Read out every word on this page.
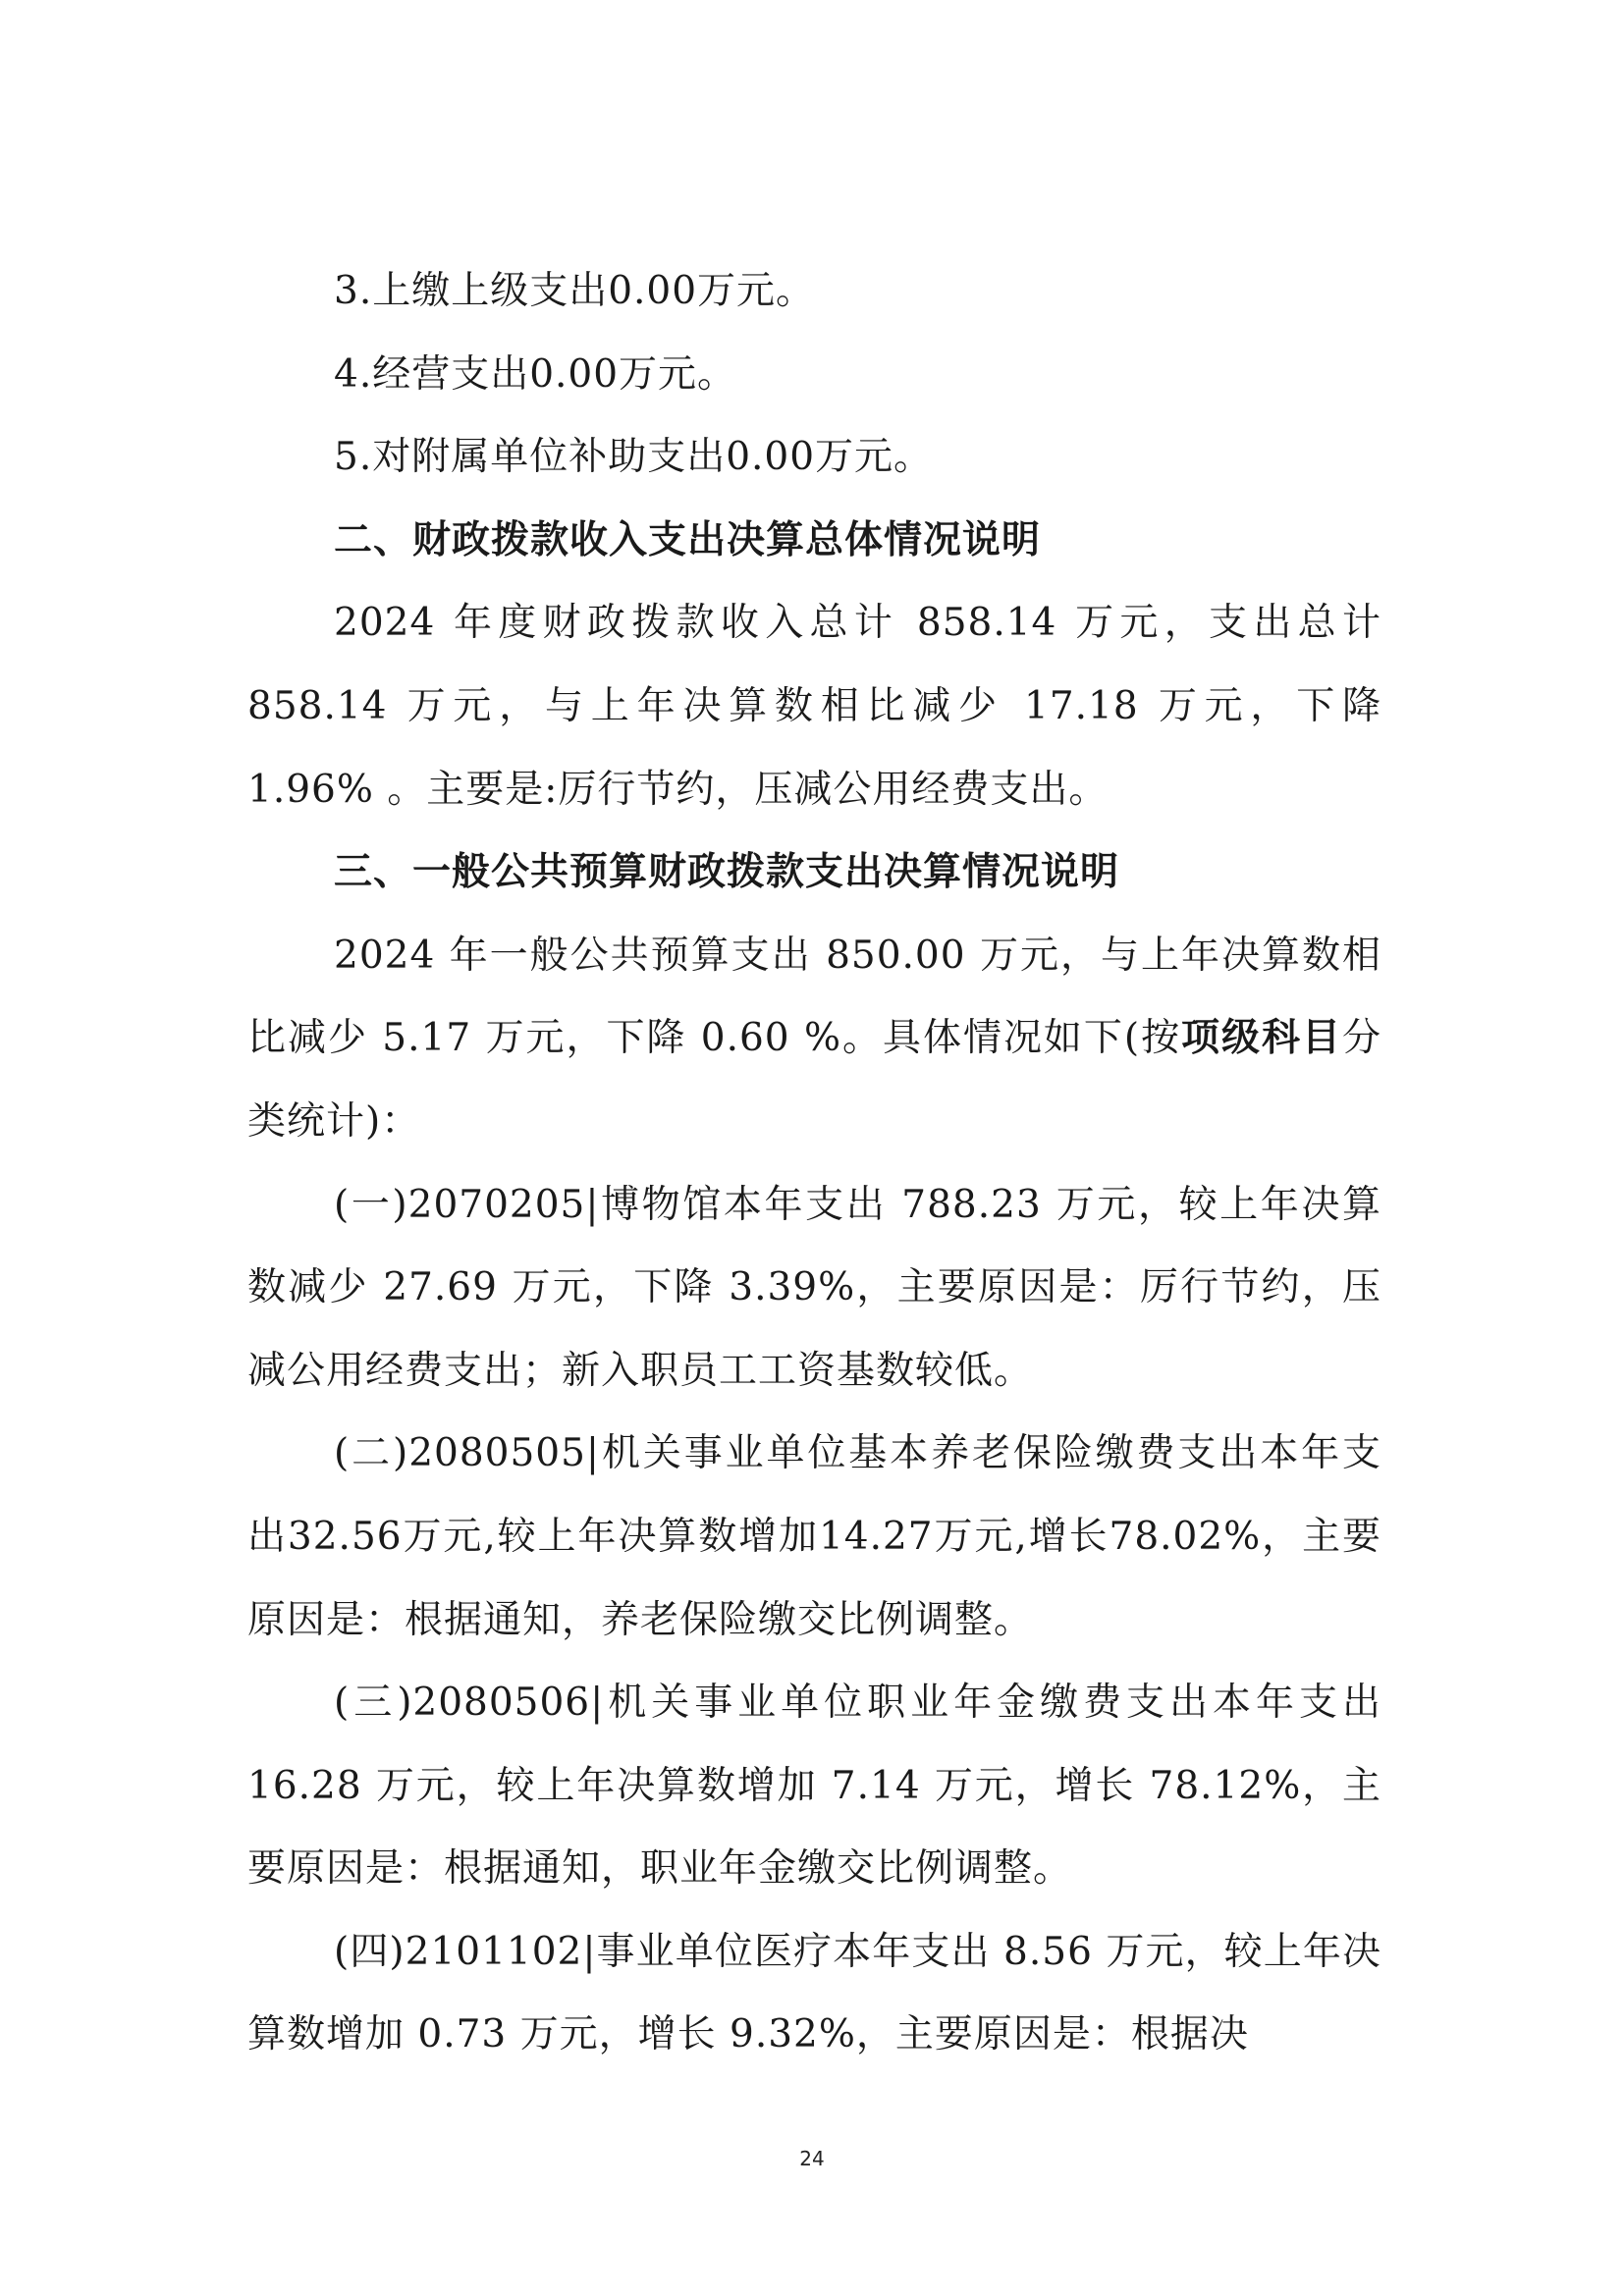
3.上缴上级支出0.00万元。

4.经营支出0.00万元。

5.对附属单位补助支出0.00万元。

二、财政拨款收入支出决算总体情况说明

2024 年度财政拨款收入总计 858.14 万元，支出总计 858.14 万元，与上年决算数相比减少 17.18 万元，下降 1.96% 。主要是:厉行节约，压减公用经费支出。

三、一般公共预算财政拨款支出决算情况说明

2024 年一般公共预算支出 850.00 万元，与上年决算数相比减少 5.17 万元，下降 0.60 %。具体情况如下(按项级科目分类统计)：

(一)2070205|博物馆本年支出 788.23 万元，较上年决算数减少 27.69 万元，下降 3.39%，主要原因是：厉行节约，压减公用经费支出；新入职员工工资基数较低。

(二)2080505|机关事业单位基本养老保险缴费支出本年支出32.56万元,较上年决算数增加14.27万元,增长78.02%，主要原因是：根据通知，养老保险缴交比例调整。

(三)2080506|机关事业单位职业年金缴费支出本年支出 16.28 万元，较上年决算数增加 7.14 万元，增长 78.12%，主要原因是：根据通知，职业年金缴交比例调整。

(四)2101102|事业单位医疗本年支出 8.56 万元，较上年决算数增加 0.73 万元，增长 9.32%，主要原因是：根据决

24
